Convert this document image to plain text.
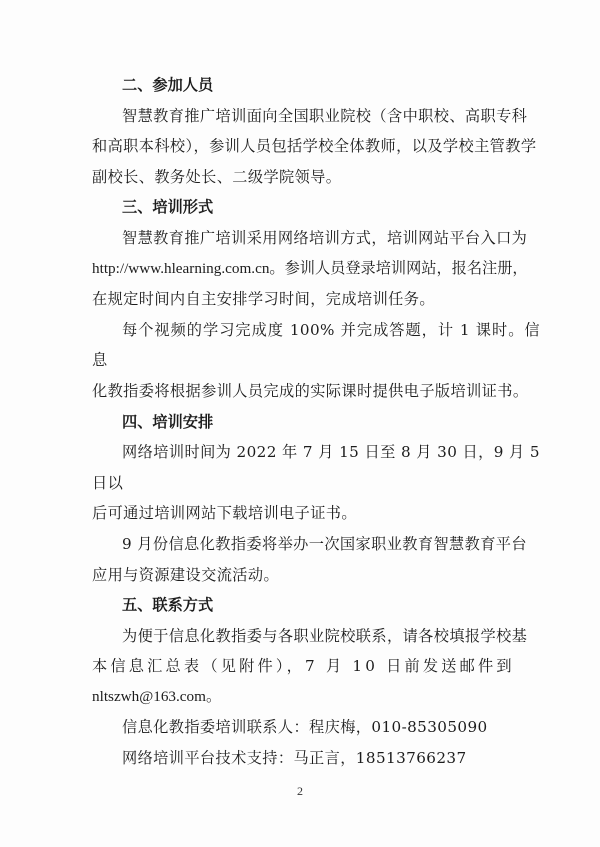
二、参加人员

智慧教育推广培训面向全国职业院校（含中职校、高职专科
和高职本科校），参训人员包括学校全体教师，以及学校主管教学
副校长、教务处长、二级学院领导。

三、培训形式

智慧教育推广培训采用网络培训方式，培训网站平台入口为
http://www.hlearning.com.cn。参训人员登录培训网站，报名注册，
在规定时间内自主安排学习时间，完成培训任务。

每个视频的学习完成度 100% 并完成答题，计 1 课时。信息
化教指委将根据参训人员完成的实际课时提供电子版培训证书。

四、培训安排

网络培训时间为 2022 年 7 月 15 日至 8 月 30 日，9 月 5 日以
后可通过培训网站下载培训电子证书。

9 月份信息化教指委将举办一次国家职业教育智慧教育平台
应用与资源建设交流活动。

五、联系方式

为便于信息化教指委与各职业院校联系，请各校填报学校基
本信息汇总表（见附件），7 月 10 日前发送邮件到
nltszwh@163.com。

信息化教指委培训联系人：程庆梅，010-85305090

网络培训平台技术支持：马正言，18513766237

2
